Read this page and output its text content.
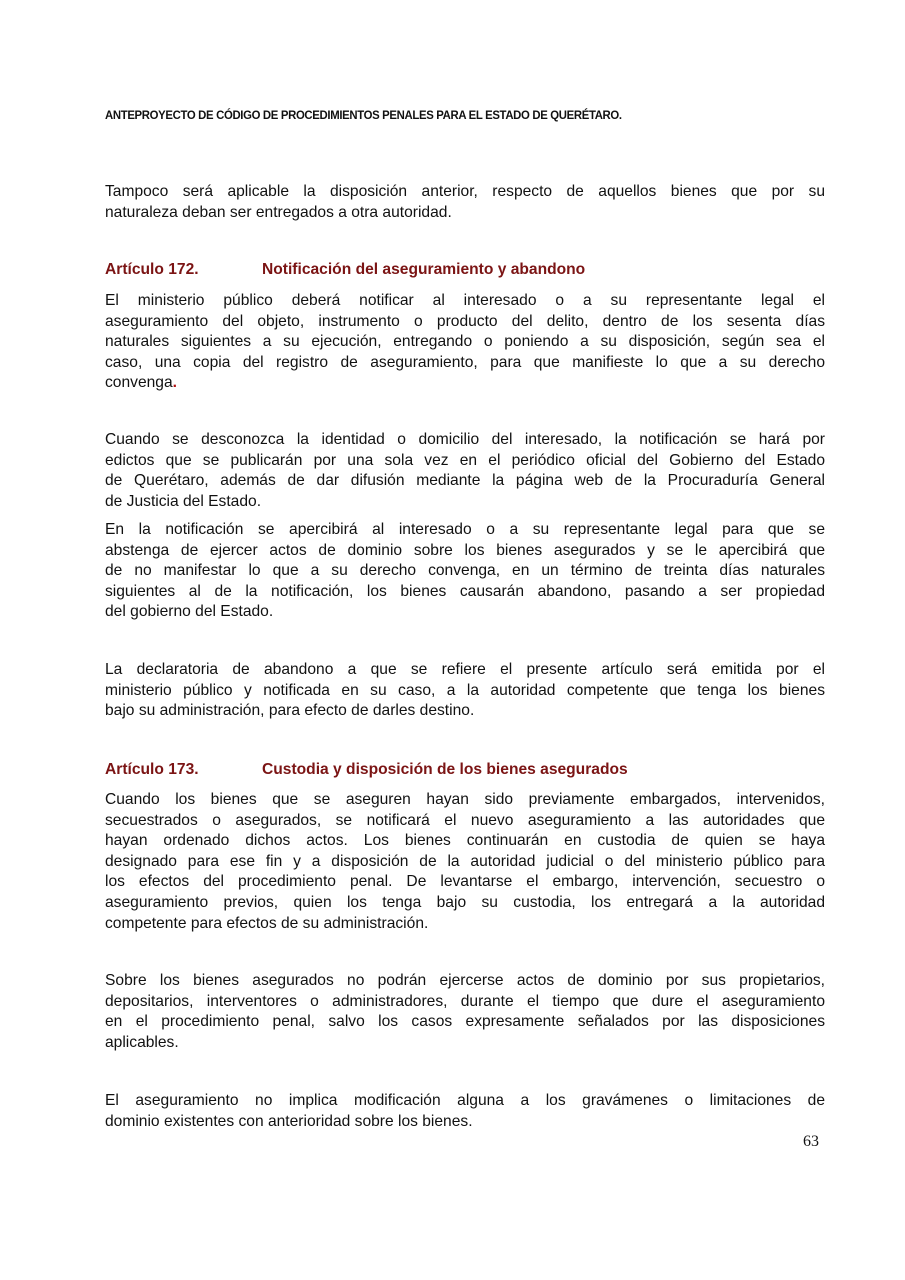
ANTEPROYECTO DE CÓDIGO DE PROCEDIMIENTOS PENALES PARA EL ESTADO DE QUERÉTARO.
Tampoco será aplicable la disposición anterior, respecto de aquellos bienes que por su
naturaleza deban ser entregados a otra autoridad.
Artículo 172.	Notificación del aseguramiento y abandono
El ministerio público deberá notificar al interesado o a su representante legal el
aseguramiento del objeto, instrumento o producto del delito, dentro de los sesenta días
naturales siguientes a su ejecución, entregando o poniendo a su disposición, según sea el
caso, una copia del registro de aseguramiento, para que manifieste lo que a su derecho
convenga.
Cuando se desconozca la identidad o domicilio del interesado, la notificación se hará por
edictos que se publicarán por una sola vez en el periódico oficial del Gobierno del Estado
de Querétaro, además de dar difusión mediante la página web de la Procuraduría General
de Justicia del Estado.
En la notificación se apercibirá al interesado o a su representante legal para que se
abstenga de ejercer actos de dominio sobre los bienes asegurados y se le apercibirá que
de no manifestar lo que a su derecho convenga, en un término de treinta días naturales
siguientes al de la notificación, los bienes causarán abandono, pasando a ser propiedad
del gobierno del Estado.
La declaratoria de abandono a que se refiere el presente artículo será emitida por el
ministerio público y notificada en su caso, a la autoridad competente que tenga los bienes
bajo su administración, para efecto de darles destino.
Artículo 173.	Custodia y disposición de los bienes asegurados
Cuando los bienes que se aseguren hayan sido previamente embargados, intervenidos,
secuestrados o asegurados, se notificará el nuevo aseguramiento a las autoridades que
hayan ordenado dichos actos. Los bienes continuarán en custodia de quien se haya
designado para ese fin y a disposición de la autoridad judicial o del ministerio público para
los efectos del procedimiento penal. De levantarse el embargo, intervención, secuestro o
aseguramiento previos, quien los tenga bajo su custodia, los entregará a la autoridad
competente para efectos de su administración.
Sobre los bienes asegurados no podrán ejercerse actos de dominio por sus propietarios,
depositarios, interventores o administradores, durante el tiempo que dure el aseguramiento
en el procedimiento penal, salvo los casos expresamente señalados por las disposiciones
aplicables.
El aseguramiento no implica modificación alguna a los gravámenes o limitaciones de
dominio existentes con anterioridad sobre los bienes.
63
